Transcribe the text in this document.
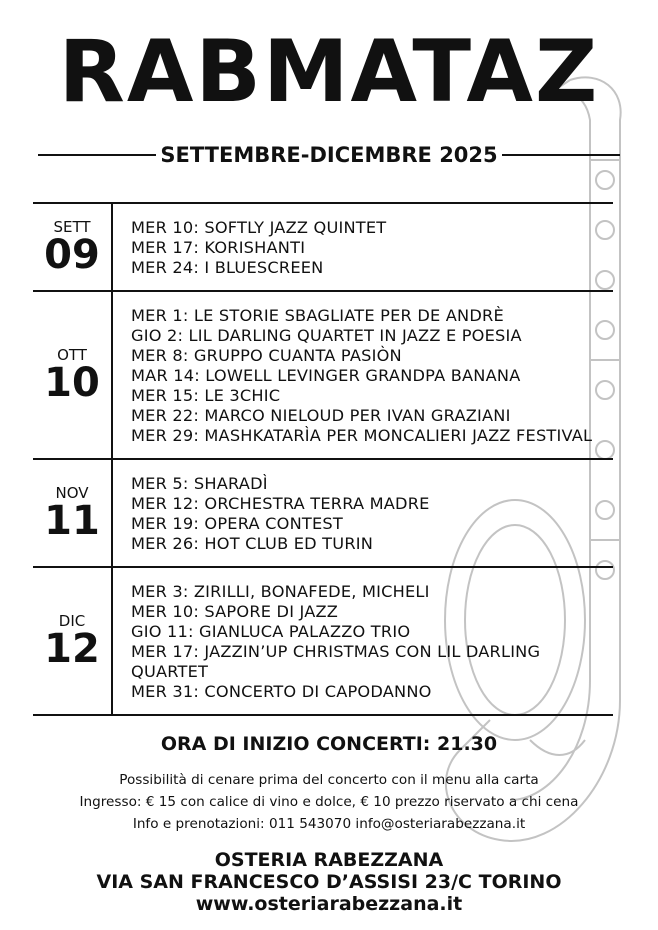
RABMATAZ
SETTEMBRE-DICEMBRE 2025
SETT
09
MER 10: SOFTLY JAZZ QUINTET
MER 17: KORISHANTI
MER 24: I BLUESCREEN
OTT
10
MER 1: LE STORIE SBAGLIATE PER DE ANDRÈ
GIO 2: LIL DARLING QUARTET IN JAZZ E POESIA
MER 8: GRUPPO CUANTA PASIÒN
MAR 14: LOWELL LEVINGER GRANDPA BANANA
MER 15: LE 3CHIC
MER 22: MARCO NIELOUD PER IVAN GRAZIANI
MER 29: MASHKATARÌA PER MONCALIERI JAZZ FESTIVAL
NOV
11
MER 5: SHARADÌ
MER 12: ORCHESTRA TERRA MADRE
MER 19: OPERA CONTEST
MER 26: HOT CLUB ED TURIN
DIC
12
MER 3: ZIRILLI, BONAFEDE, MICHELI
MER 10: SAPORE DI JAZZ
GIO 11: GIANLUCA PALAZZO TRIO
MER 17: JAZZIN’UP CHRISTMAS CON LIL DARLING QUARTET
MER 31: CONCERTO DI CAPODANNO
ORA DI INIZIO CONCERTI: 21.30
Possibilità di cenare prima del concerto con il menu alla carta
Ingresso: € 15 con calice di vino e dolce, € 10 prezzo riservato a chi cena
Info e prenotazioni: 011 543070 info@osteriarabezzana.it
OSTERIA RABEZZANA
VIA SAN FRANCESCO D’ASSISI 23/C TORINO
www.osteriarabezzana.it
